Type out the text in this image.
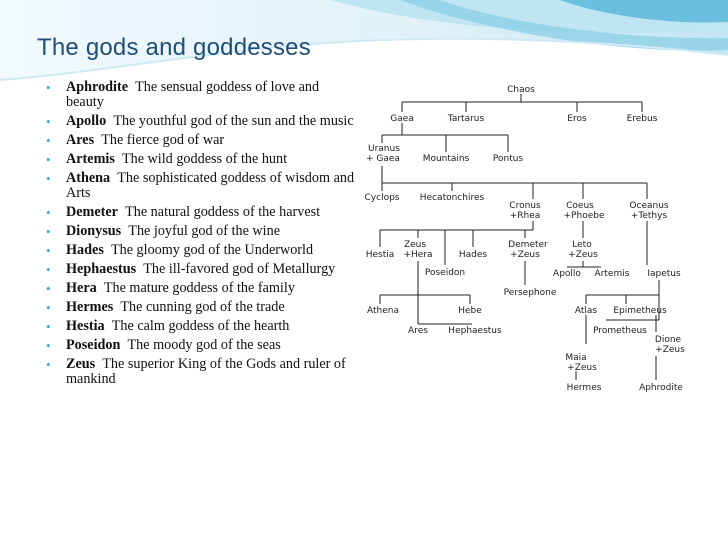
The gods and goddesses
• Aphrodite The sensual goddess of love and beauty
• Apollo The youthful god of the sun and the music
• Ares The fierce god of war
• Artemis The wild goddess of the hunt
• Athena The sophisticated goddess of wisdom and Arts
• Demeter The natural goddess of the harvest
• Dionysus The joyful god of the wine
• Hades The gloomy god of the Underworld
• Hephaestus The ill-favored god of Metallurgy
• Hera The mature goddess of the family
• Hermes The cunning god of the trade
• Hestia The calm goddess of the hearth
• Poseidon The moody god of the seas
• Zeus The superior King of the Gods and ruler of mankind
Chaos
Gaea	Tartarus	Eros	Erebus
Uranus
+ Gaea	Mountains	Pontus
Cyclops Hecatonchires
Cronus
+Rhea
Coeus
+Phoebe
Oceanus
+Tethys
Hestia
Zeus
+Hera	Hades
Demeter
+Zeus
Leto
+Zeus
Poseidon	Apollo Artemis Iapetus
Persephone
Athena	Hebe	Atlas Epimetheus
Ares Hephaestus	Prometheus
Dione
+Zeus
Maia
+Zeus
Hermes	Aphrodite
